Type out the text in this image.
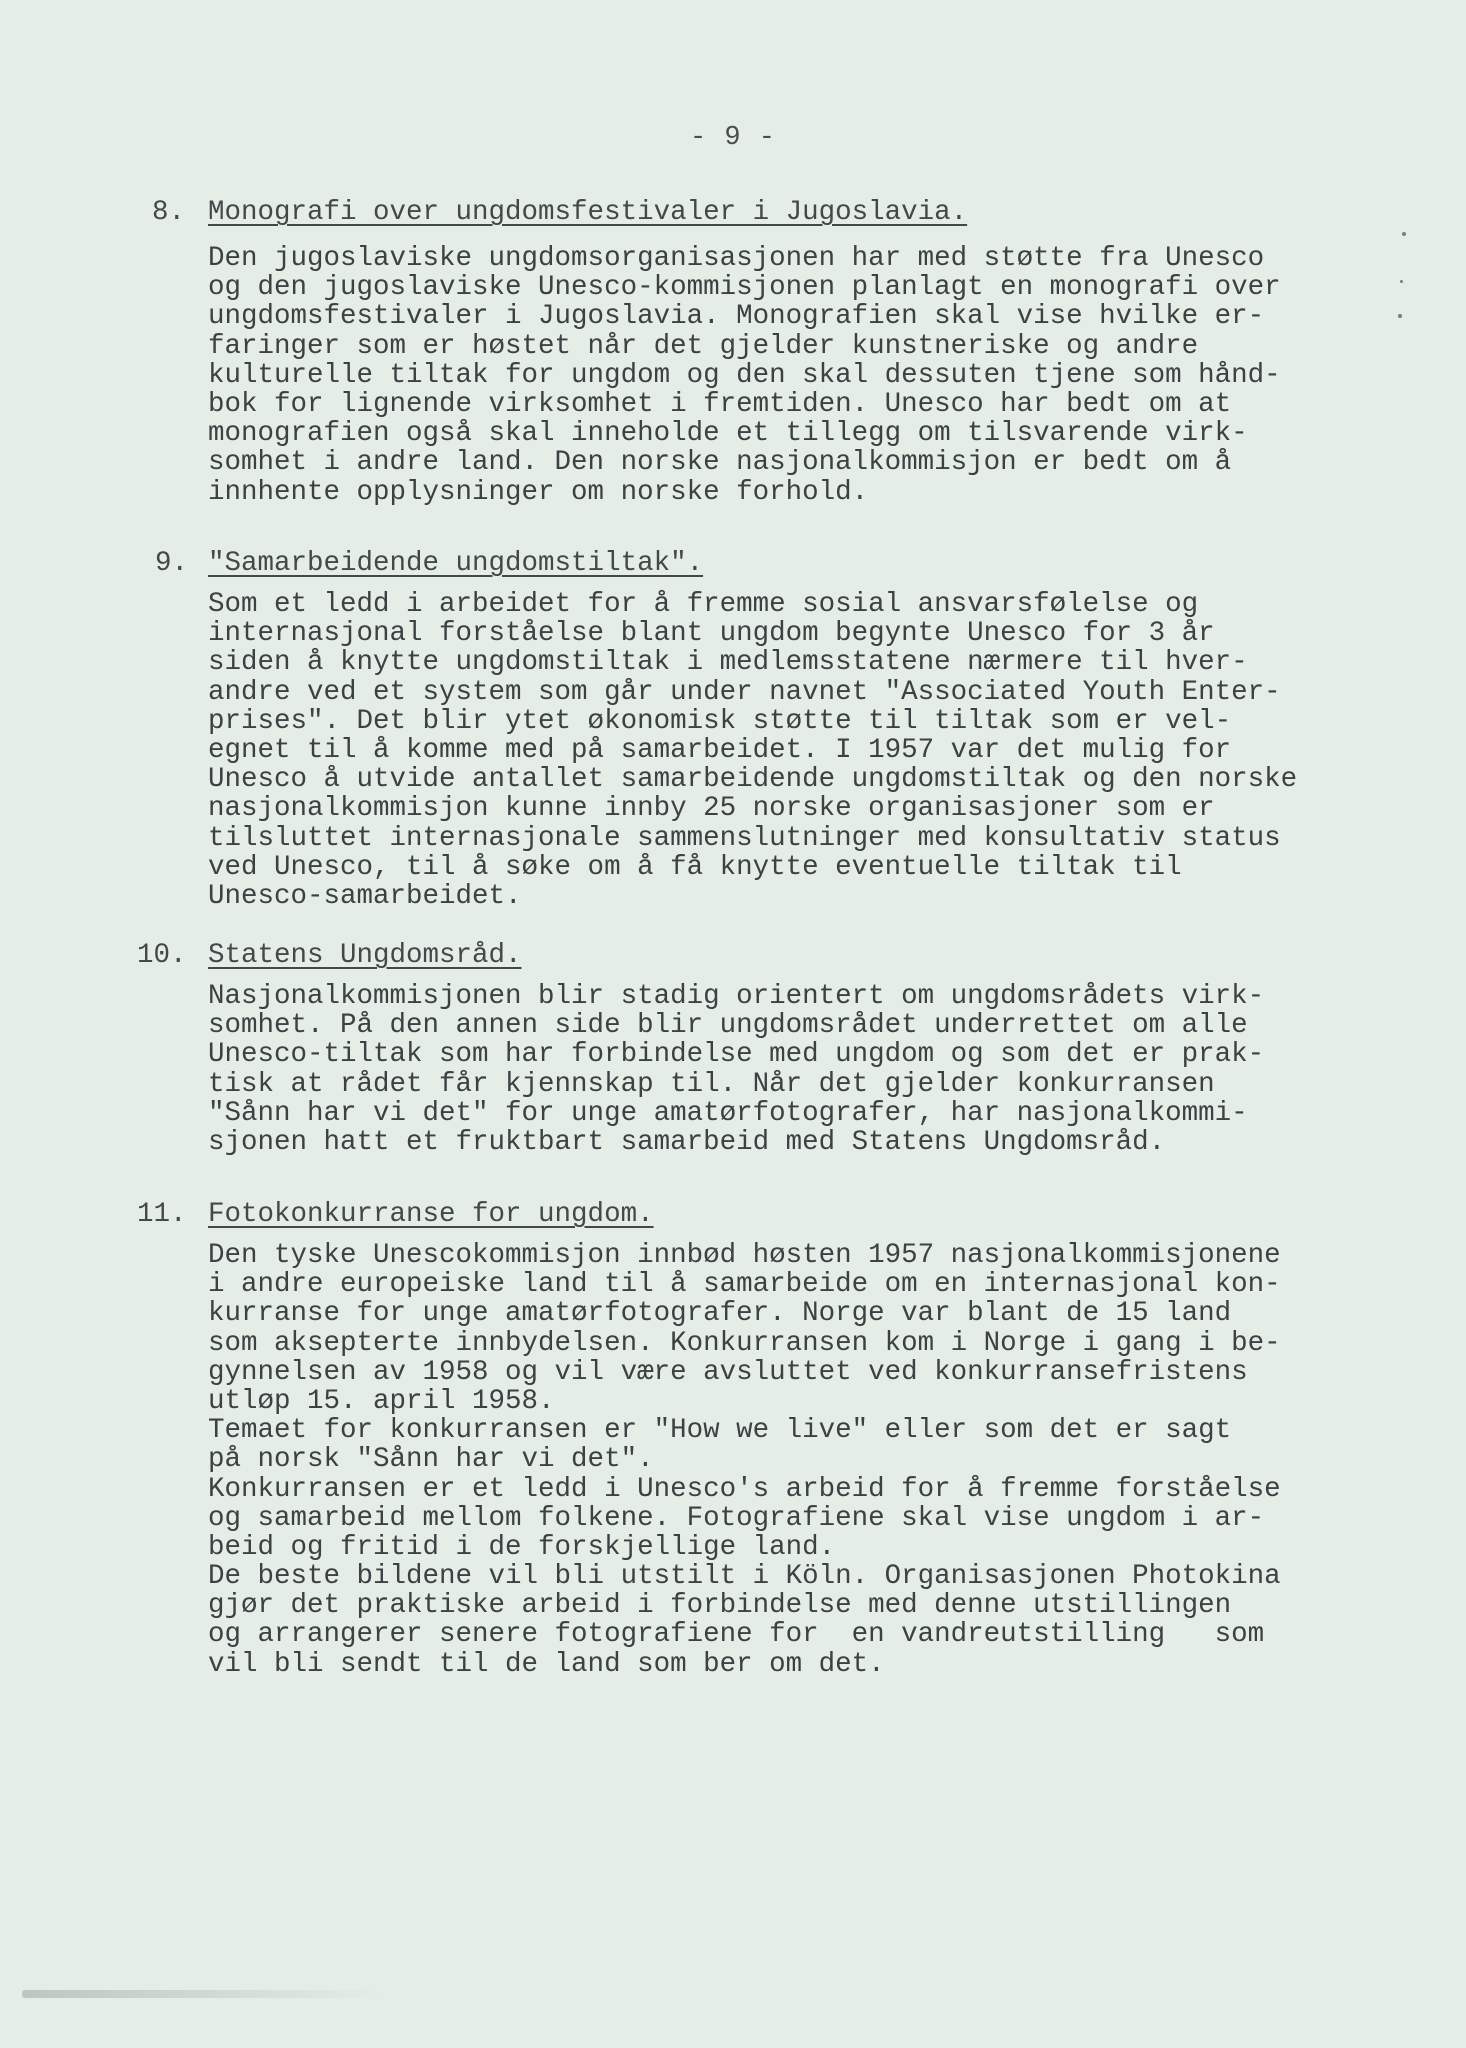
- 9 -
8. Monografi over ungdomsfestivaler i Jugoslavia.
Den jugoslaviske ungdomsorganisasjonen har med støtte fra Unesco
og den jugoslaviske Unesco-kommisjonen planlagt en monografi over
ungdomsfestivaler i Jugoslavia. Monografien skal vise hvilke er-
faringer som er høstet når det gjelder kunstneriske og andre
kulturelle tiltak for ungdom og den skal dessuten tjene som hånd-
bok for lignende virksomhet i fremtiden. Unesco har bedt om at
monografien også skal inneholde et tillegg om tilsvarende virk-
somhet i andre land. Den norske nasjonalkommisjon er bedt om å
innhente opplysninger om norske forhold.
9. "Samarbeidende ungdomstiltak".
Som et ledd i arbeidet for å fremme sosial ansvarsfølelse og
internasjonal forståelse blant ungdom begynte Unesco for 3 år
siden å knytte ungdomstiltak i medlemsstatene nærmere til hver-
andre ved et system som går under navnet "Associated Youth Enter-
prises". Det blir ytet økonomisk støtte til tiltak som er vel-
egnet til å komme med på samarbeidet. I 1957 var det mulig for
Unesco å utvide antallet samarbeidende ungdomstiltak og den norske
nasjonalkommisjon kunne innby 25 norske organisasjoner som er
tilsluttet internasjonale sammenslutninger med konsultativ status
ved Unesco, til å søke om å få knytte eventuelle tiltak til
Unesco-samarbeidet.
10. Statens Ungdomsråd.
Nasjonalkommisjonen blir stadig orientert om ungdomsrådets virk-
somhet. På den annen side blir ungdomsrådet underrettet om alle
Unesco-tiltak som har forbindelse med ungdom og som det er prak-
tisk at rådet får kjennskap til. Når det gjelder konkurransen
"Sånn har vi det" for unge amatørfotografer, har nasjonalkommi-
sjonen hatt et fruktbart samarbeid med Statens Ungdomsråd.
11. Fotokonkurranse for ungdom.
Den tyske Unescokommisjon innbød høsten 1957 nasjonalkommisjonene
i andre europeiske land til å samarbeide om en internasjonal kon-
kurranse for unge amatørfotografer. Norge var blant de 15 land
som aksepterte innbydelsen. Konkurransen kom i Norge i gang i be-
gynnelsen av 1958 og vil være avsluttet ved konkurransefristens
utløp 15. april 1958.
Temaet for konkurransen er "How we live" eller som det er sagt
på norsk "Sånn har vi det".
Konkurransen er et ledd i Unesco's arbeid for å fremme forståelse
og samarbeid mellom folkene. Fotografiene skal vise ungdom i ar-
beid og fritid i de forskjellige land.
De beste bildene vil bli utstilt i Köln. Organisasjonen Photokina
gjør det praktiske arbeid i forbindelse med denne utstillingen
og arrangerer senere fotografiene for  en vandreutstilling   som
vil bli sendt til de land som ber om det.
